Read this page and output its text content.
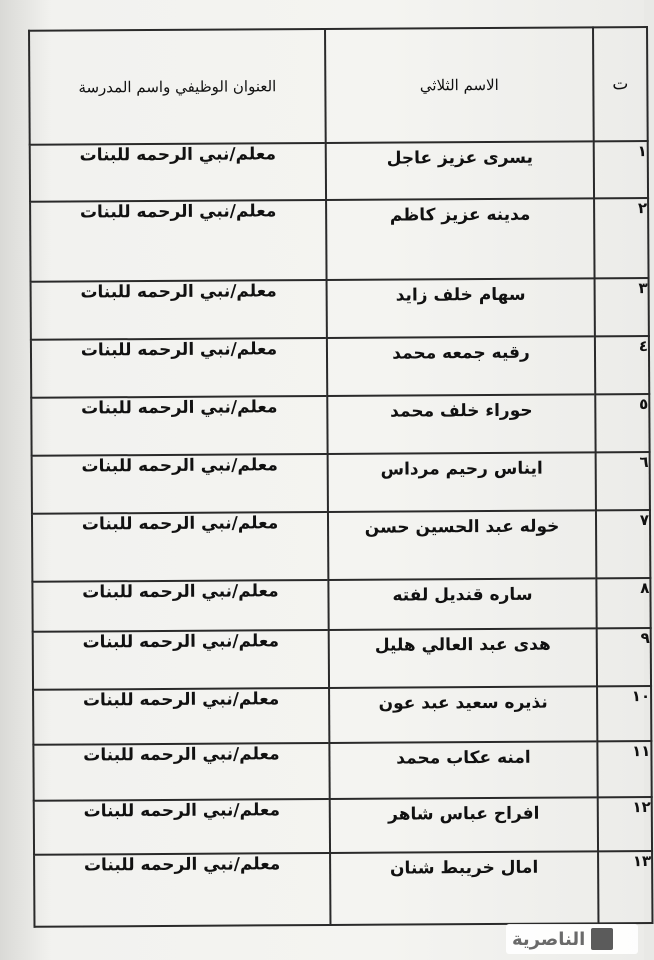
ت	الاسم الثلاثي	العنوان الوظيفي واسم المدرسة

١	يسرى عزيز عاجل	معلم/نبي الرحمه للبنات
٢	مدينه عزيز كاظم	معلم/نبي الرحمه للبنات
٣	سهام خلف زايد	معلم/نبي الرحمه للبنات
٤	رقيه جمعه محمد	معلم/نبي الرحمه للبنات
٥	حوراء خلف محمد	معلم/نبي الرحمه للبنات
٦	ايناس رحيم مرداس	معلم/نبي الرحمه للبنات
٧	خوله عبد الحسين حسن	معلم/نبي الرحمه للبنات
٨	ساره قنديل لفته	معلم/نبي الرحمه للبنات
٩	هدى عبد العالي هليل	معلم/نبي الرحمه للبنات
١٠	نذيره سعيد عبد عون	معلم/نبي الرحمه للبنات
١١	امنه عكاب محمد	معلم/نبي الرحمه للبنات
١٢	افراح عباس شاهر	معلم/نبي الرحمه للبنات
١٣	امال خريبط شنان	معلم/نبي الرحمه للبنات
الناصرية
